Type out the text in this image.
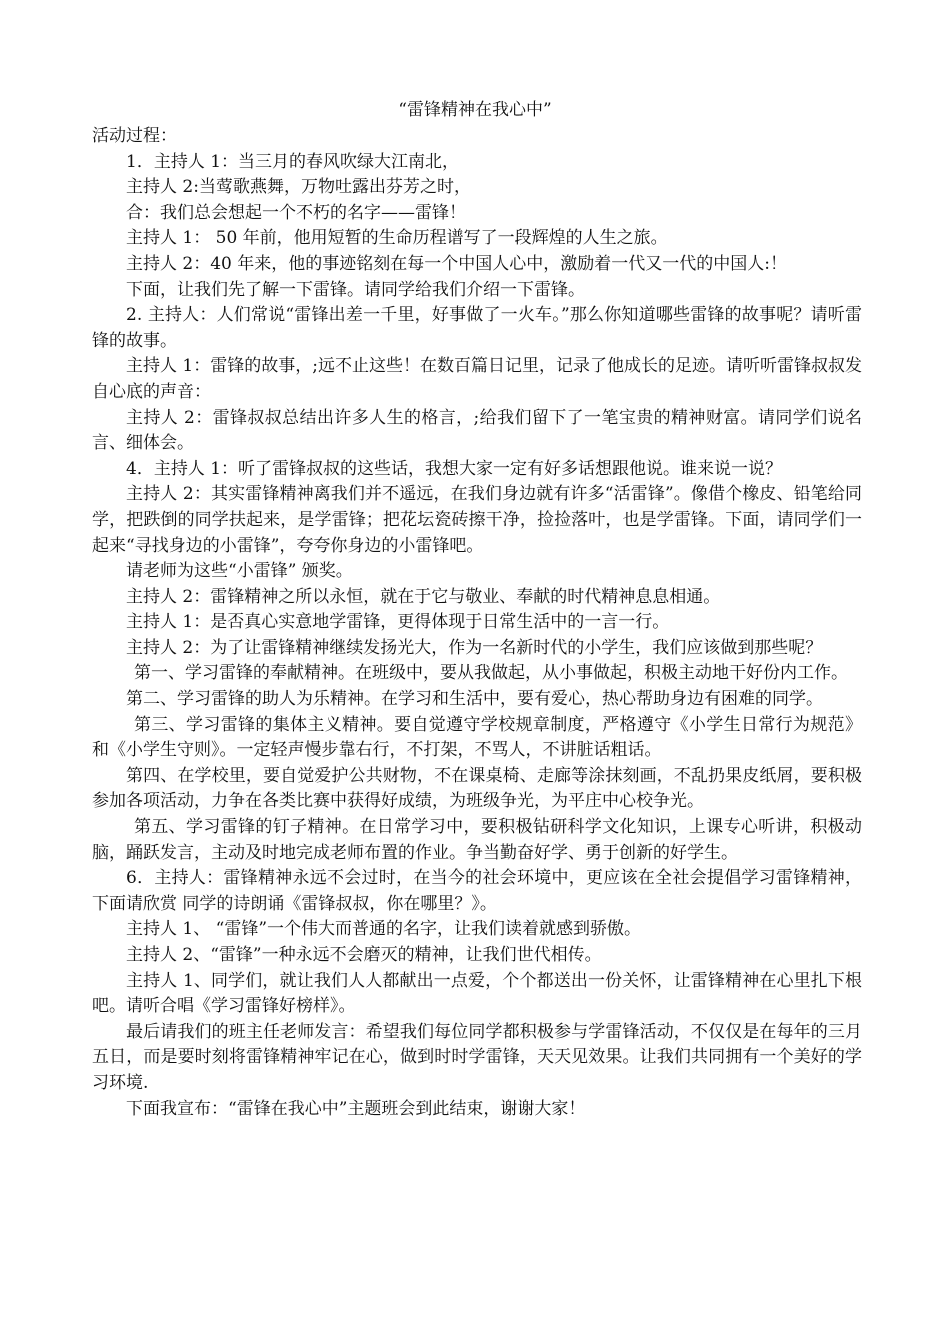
“雷锋精神在我心中”

活动过程：

1．主持人 1：当三月的春风吹绿大江南北，

主持人 2:当莺歌燕舞，万物吐露出芬芳之时，

合：我们总会想起一个不朽的名字——雷锋！

主持人 1： 50 年前，他用短暂的生命历程谱写了一段辉煌的人生之旅。

主持人 2：40 年来，他的事迹铭刻在每一个中国人心中，激励着一代又一代的中国人:！

下面，让我们先了解一下雷锋。请同学给我们介绍一下雷锋。

2. 主持人：人们常说“雷锋出差一千里，好事做了一火车。”那么你知道哪些雷锋的故事呢？请听雷锋的故事。

主持人 1：雷锋的故事，;远不止这些！在数百篇日记里，记录了他成长的足迹。请听听雷锋叔叔发自心底的声音：

主持人 2：雷锋叔叔总结出许多人生的格言，;给我们留下了一笔宝贵的精神财富。请同学们说名言、细体会。

4．主持人 1：听了雷锋叔叔的这些话，我想大家一定有好多话想跟他说。谁来说一说？

主持人 2：其实雷锋精神离我们并不遥远，在我们身边就有许多“活雷锋”。像借个橡皮、铅笔给同学，把跌倒的同学扶起来，是学雷锋；把花坛瓷砖擦干净，捡捡落叶，也是学雷锋。下面，请同学们一起来“寻找身边的小雷锋”，夸夸你身边的小雷锋吧。

请老师为这些“小雷锋” 颁奖。

主持人 2：雷锋精神之所以永恒，就在于它与敬业、奉献的时代精神息息相通。

主持人 1：是否真心实意地学雷锋，更得体现于日常生活中的一言一行。

主持人 2：为了让雷锋精神继续发扬光大，作为一名新时代的小学生，我们应该做到那些呢？

第一、学习雷锋的奉献精神。在班级中，要从我做起，从小事做起，积极主动地干好份内工作。

第二、学习雷锋的助人为乐精神。在学习和生活中，要有爱心，热心帮助身边有困难的同学。

第三、学习雷锋的集体主义精神。要自觉遵守学校规章制度，严格遵守《小学生日常行为规范》和《小学生守则》。一定轻声慢步靠右行，不打架，不骂人，不讲脏话粗话。

第四、在学校里，要自觉爱护公共财物，不在课桌椅、走廊等涂抹刻画，不乱扔果皮纸屑，要积极参加各项活动，力争在各类比赛中获得好成绩，为班级争光，为平庄中心校争光。

第五、学习雷锋的钉子精神。在日常学习中，要积极钻研科学文化知识，上课专心听讲，积极动脑，踊跃发言，主动及时地完成老师布置的作业。争当勤奋好学、勇于创新的好学生。

6．主持人：雷锋精神永远不会过时，在当今的社会环境中，更应该在全社会提倡学习雷锋精神， 下面请欣赏 同学的诗朗诵《雷锋叔叔，你在哪里？》。

主持人 1、 “雷锋”一个伟大而普通的名字，让我们读着就感到骄傲。

主持人 2、“雷锋”一种永远不会磨灭的精神，让我们世代相传。

主持人 1、同学们，就让我们人人都献出一点爱，个个都送出一份关怀，让雷锋精神在心里扎下根吧。请听合唱《学习雷锋好榜样》。

最后请我们的班主任老师发言：希望我们每位同学都积极参与学雷锋活动，不仅仅是在每年的三月五日，而是要时刻将雷锋精神牢记在心，做到时时学雷锋，天天见效果。让我们共同拥有一个美好的学习环境.

下面我宣布：“雷锋在我心中”主题班会到此结束，谢谢大家！
